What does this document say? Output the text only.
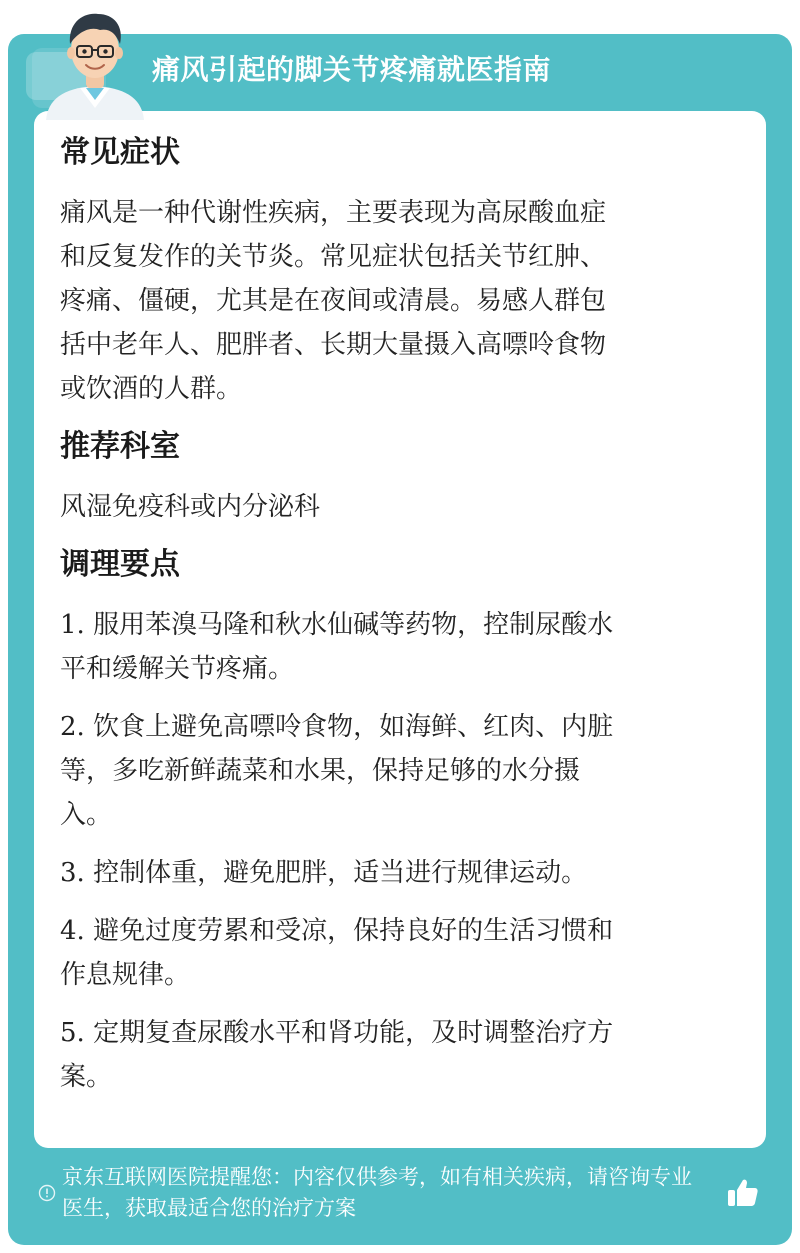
痛风引起的脚关节疼痛就医指南
常见症状

痛风是一种代谢性疾病，主要表现为高尿酸血症

和反复发作的关节炎。常见症状包括关节红肿、

疼痛、僵硬，尤其是在夜间或清晨。易感人群包

括中老年人、肥胖者、长期大量摄入高嘌呤食物

或饮酒的人群。

推荐科室

风湿免疫科或内分泌科

调理要点

1. 服用苯溴马隆和秋水仙碱等药物，控制尿酸水

平和缓解关节疼痛。

2. 饮食上避免高嘌呤食物，如海鲜、红肉、内脏

等，多吃新鲜蔬菜和水果，保持足够的水分摄

入。

3. 控制体重，避免肥胖，适当进行规律运动。

4. 避免过度劳累和受凉，保持良好的生活习惯和

作息规律。

5. 定期复查尿酸水平和肾功能，及时调整治疗方

案。

京东互联网医院提醒您：内容仅供参考，如有相关疾病，请咨询专业
医生，获取最适合您的治疗方案
